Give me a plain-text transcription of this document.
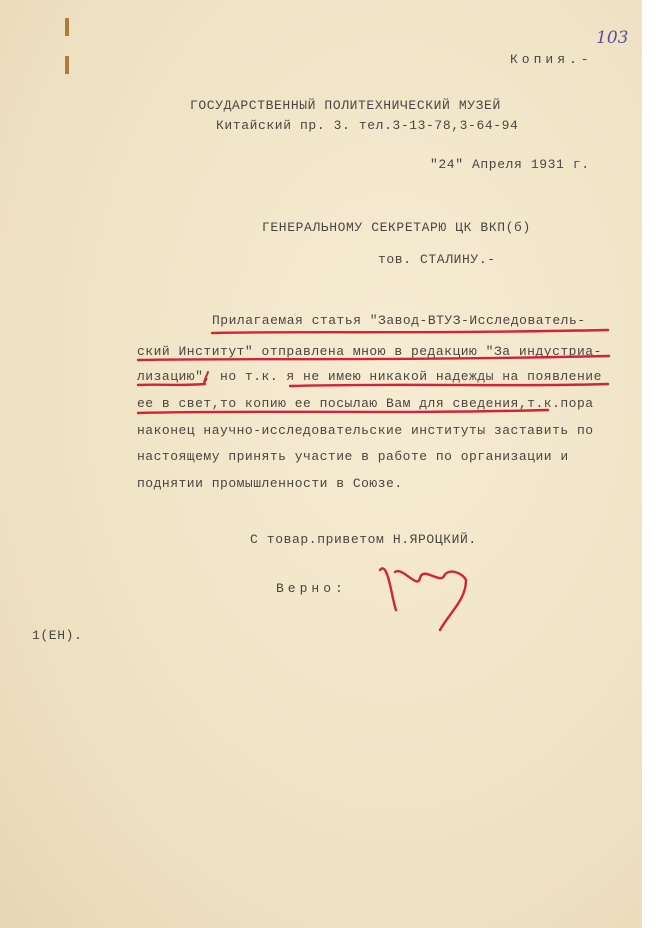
103
Копия.-
ГОСУДАРСТВЕННЫЙ ПОЛИТЕХНИЧЕСКИЙ МУЗЕЙ
Китайский пр. 3. тел.3-13-78,3-64-94
"24" Апреля 1931 г.
ГЕНЕРАЛЬНОМУ СЕКРЕТАРЮ ЦК ВКП(б)
тов. СТАЛИНУ.-
Прилагаемая статья "Завод-ВТУЗ-Исследователь-
ский Институт" отправлена мною в редакцию "За индустриа-
лизацию", но т.к. я не имею никакой надежды на появление
ее в свет,то копию ее посылаю Вам для сведения,т.к.пора
наконец научно-исследовательские институты заставить по
настоящему принять участие в работе по организации и
поднятии промышленности в Союзе.
С товар.приветом Н.ЯРОЦКИЙ.
Верно:
1(ЕН).
